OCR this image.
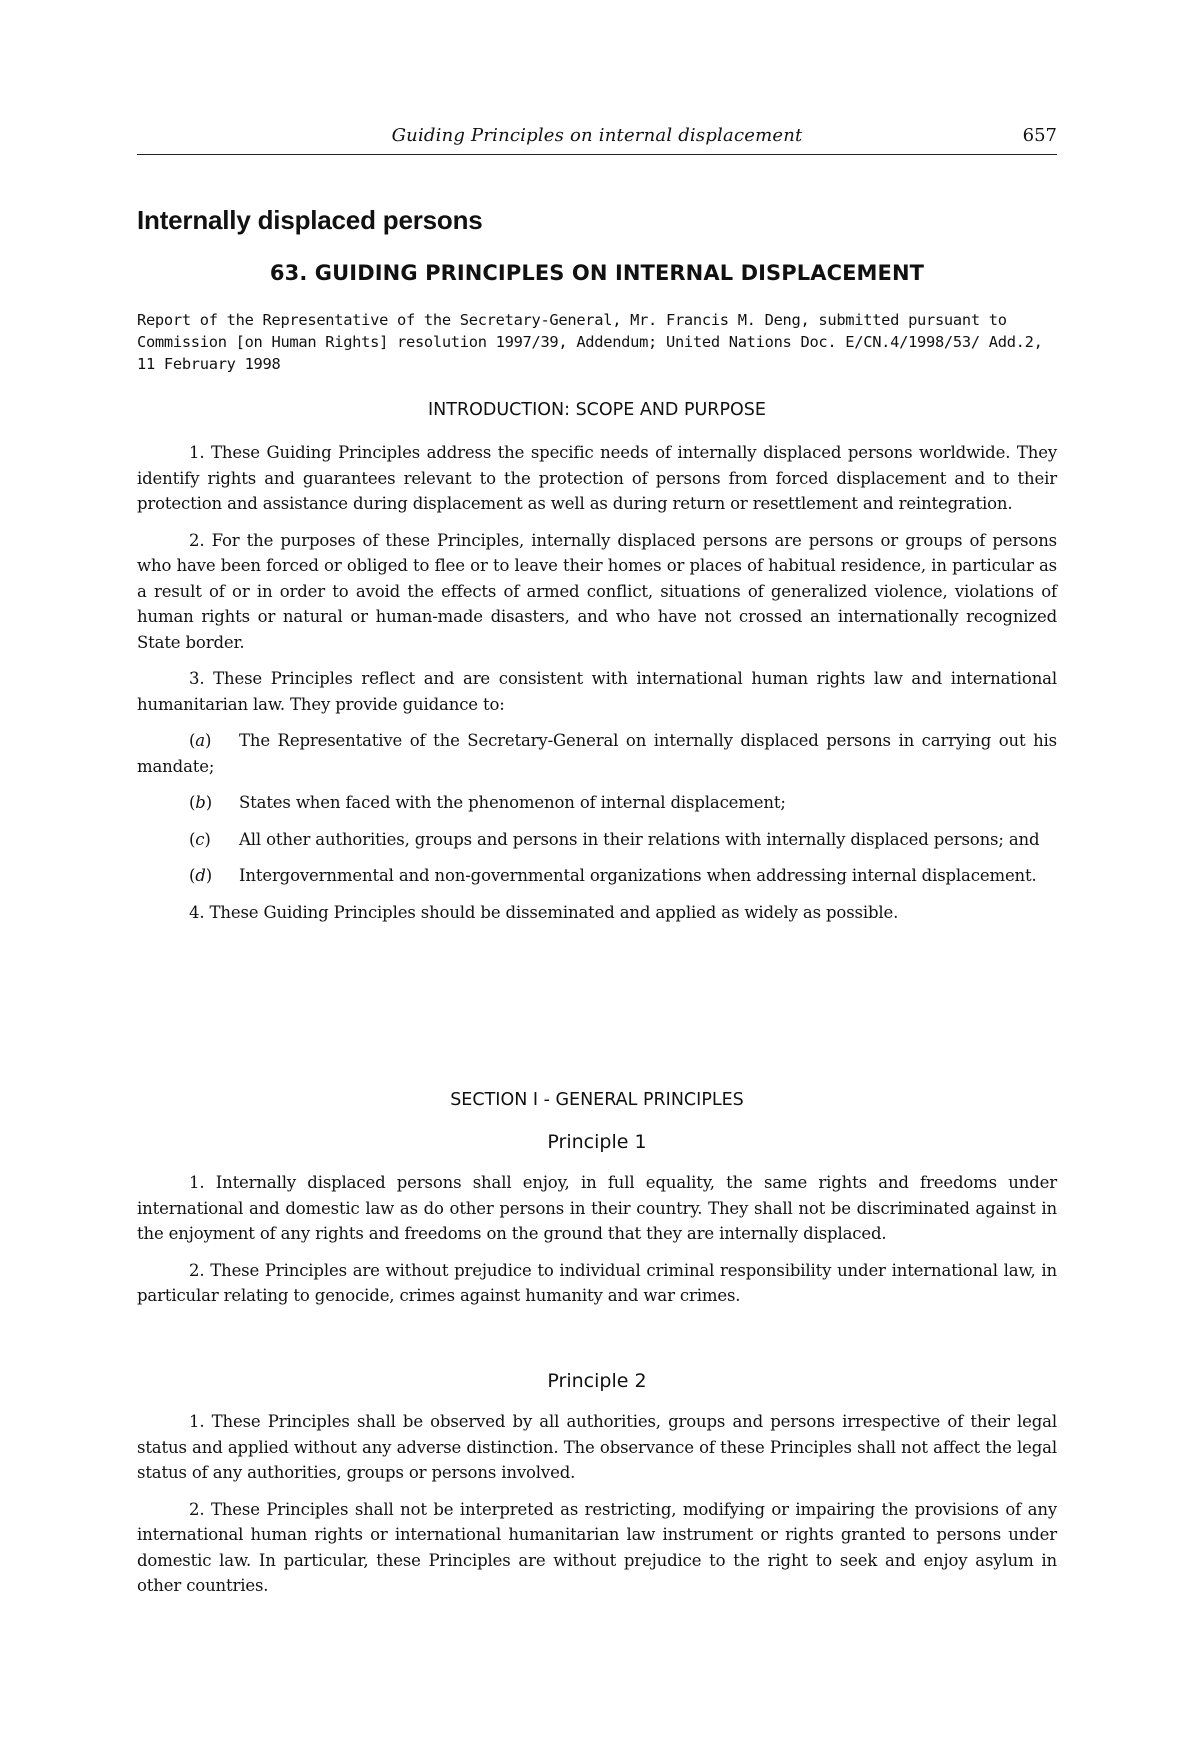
Guiding Principles on internal displacement	657
Internally displaced persons
63. GUIDING PRINCIPLES ON INTERNAL DISPLACEMENT

Report of the Representative of the Secretary-General, Mr. Francis M. Deng, submitted pursuant to Commission [on Human Rights] resolution 1997/39, Addendum; United Nations Doc. E/CN.4/1998/53/ Add.2, 11 February 1998

INTRODUCTION: SCOPE AND PURPOSE

1. These Guiding Principles address the specific needs of internally displaced persons worldwide. They identify rights and guarantees relevant to the protection of persons from forced displacement and to their protection and assistance during displacement as well as during return or resettlement and reintegration.

2. For the purposes of these Principles, internally displaced persons are persons or groups of persons who have been forced or obliged to flee or to leave their homes or places of habitual residence, in particular as a result of or in order to avoid the effects of armed conflict, situations of generalized violence, violations of human rights or natural or human-made disasters, and who have not crossed an internationally recognized State border.

3. These Principles reflect and are consistent with international human rights law and international humanitarian law. They provide guidance to:

(a) The Representative of the Secretary-General on internally displaced persons in carrying out his mandate;

(b) States when faced with the phenomenon of internal displacement;

(c) All other authorities, groups and persons in their relations with internally displaced persons; and

(d) Intergovernmental and non-governmental organizations when addressing internal displacement.

4. These Guiding Principles should be disseminated and applied as widely as possible.

SECTION I - GENERAL PRINCIPLES
Principle 1

1. Internally displaced persons shall enjoy, in full equality, the same rights and freedoms under international and domestic law as do other persons in their country. They shall not be discriminated against in the enjoyment of any rights and freedoms on the ground that they are internally displaced.

2. These Principles are without prejudice to individual criminal responsibility under international law, in particular relating to genocide, crimes against humanity and war crimes.

Principle 2

1. These Principles shall be observed by all authorities, groups and persons irrespective of their legal status and applied without any adverse distinction. The observance of these Principles shall not affect the legal status of any authorities, groups or persons involved.

2. These Principles shall not be interpreted as restricting, modifying or impairing the provisions of any international human rights or international humanitarian law instrument or rights granted to persons under domestic law. In particular, these Principles are without prejudice to the right to seek and enjoy asylum in other countries.
